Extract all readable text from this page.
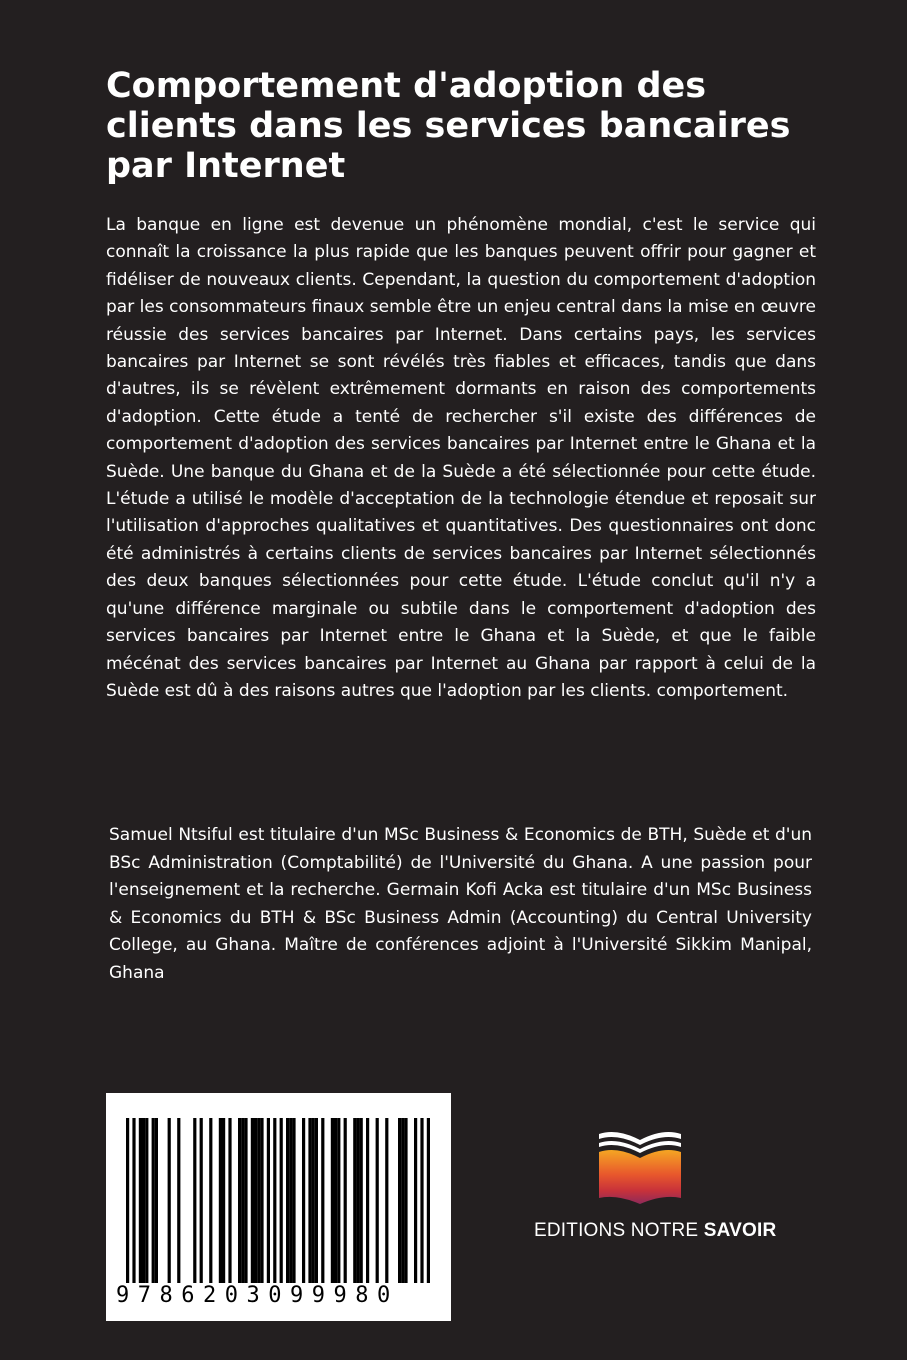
Comportement d'adoption des clients dans les services bancaires par Internet

La banque en ligne est devenue un phénomène mondial, c'est le service qui connaît la croissance la plus rapide que les banques peuvent offrir pour gagner et fidéliser de nouveaux clients. Cependant, la question du comportement d'adoption par les consommateurs finaux semble être un enjeu central dans la mise en œuvre réussie des services bancaires par Internet. Dans certains pays, les services bancaires par Internet se sont révélés très fiables et efficaces, tandis que dans d'autres, ils se révèlent extrêmement dormants en raison des comportements d'adoption. Cette étude a tenté de rechercher s'il existe des différences de comportement d'adoption des services bancaires par Internet entre le Ghana et la Suède. Une banque du Ghana et de la Suède a été sélectionnée pour cette étude. L'étude a utilisé le modèle d'acceptation de la technologie étendue et reposait sur l'utilisation d'approches qualitatives et quantitatives. Des questionnaires ont donc été administrés à certains clients de services bancaires par Internet sélectionnés des deux banques sélectionnées pour cette étude. L'étude conclut qu'il n'y a qu'une différence marginale ou subtile dans le comportement d'adoption des services bancaires par Internet entre le Ghana et la Suède, et que le faible mécénat des services bancaires par Internet au Ghana par rapport à celui de la Suède est dû à des raisons autres que l'adoption par les clients. comportement.

Samuel Ntsiful est titulaire d'un MSc Business & Economics de BTH, Suède et d'un BSc Administration (Comptabilité) de l'Université du Ghana. A une passion pour l'enseignement et la recherche. Germain Kofi Acka est titulaire d'un MSc Business & Economics du BTH & BSc Business Admin (Accounting) du Central University College, au Ghana. Maître de conférences adjoint à l'Université Sikkim Manipal, Ghana

9786203099980
EDITIONS NOTRE SAVOIR
